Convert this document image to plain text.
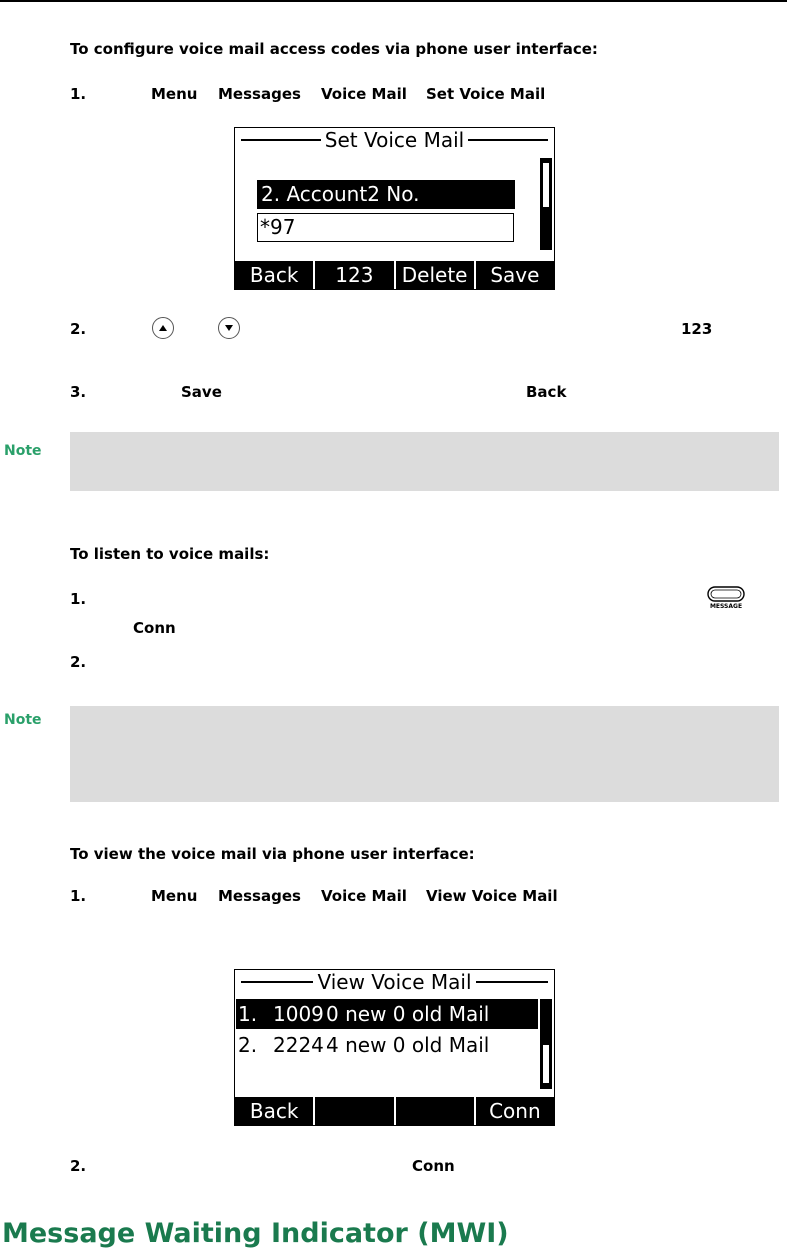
To configure voice mail access codes via phone user interface:
1.	Menu Messages Voice Mail Set Voice Mail
Set Voice Mail
2. Account2 No.
*97
Back	123	Delete	Save
2.	123
3.	Save	Back
Note
To listen to voice mails:
1.	MESSAGE
Conn
2.
Note
To view the voice mail via phone user interface:
1.	Menu Messages Voice Mail View Voice Mail
View Voice Mail
1. 1009 0 new 0 old Mail
2. 2224 4 new 0 old Mail
Back	Conn
2.	Conn
Message Waiting Indicator (MWI)
